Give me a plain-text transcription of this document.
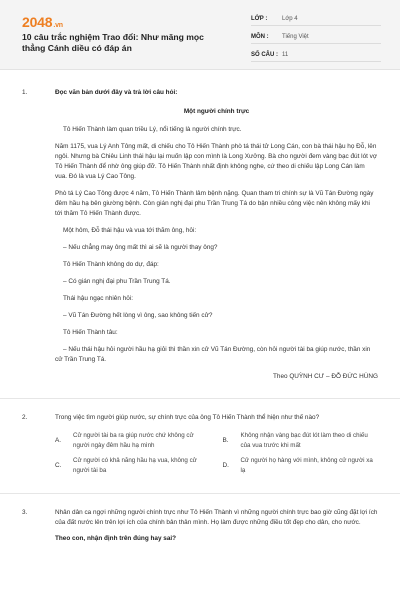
2048.vn
10 câu trắc nghiệm Trao đổi: Như măng mọc thẳng Cánh diều có đáp án
LỚP :	Lớp 4
MÔN :	Tiếng Việt
SỐ CÂU : 11
1.	Đọc văn bản dưới đây và trả lời câu hỏi:
Một người chính trực
Tô Hiến Thành làm quan triều Lý, nổi tiếng là người chính trực.
Năm 1175, vua Lý Anh Tông mất, di chiếu cho Tô Hiến Thành phò tá thái tử Long Cán, con bà thái hậu họ Đỗ, lên ngôi. Nhưng bà Chiêu Linh thái hậu lại muốn lập con mình là Long Xưởng. Bà cho người đem vàng bạc đút lót vợ Tô Hiến Thành để nhờ ông giúp đỡ. Tô Hiến Thành nhất định không nghe, cứ theo di chiếu lập Long Cán làm vua. Đó là vua Lý Cao Tông.
Phò tá Lý Cao Tông được 4 năm, Tô Hiến Thành lâm bệnh nặng. Quan tham tri chính sự là Vũ Tán Đường ngày đêm hầu hạ bên giường bệnh. Còn gián nghị đại phu Trần Trung Tá do bận nhiều công việc nên không mấy khi tới thăm Tô Hiến Thành được.
Một hôm, Đỗ thái hậu và vua tới thăm ông, hỏi:
– Nếu chẳng may ông mất thì ai sẽ là người thay ông?
Tô Hiến Thành không do dự, đáp:
– Có gián nghị đại phu Trần Trung Tá.
Thái hậu ngạc nhiên hỏi:
– Vũ Tán Đường hết lòng vì ông, sao không tiến cử?
Tô Hiến Thành tâu:
– Nếu thái hậu hỏi người hầu hạ giỏi thì thần xin cử Vũ Tán Đường, còn hỏi người tài ba giúp nước, thần xin cử Trần Trung Tá.
Theo QUỲNH CƯ – ĐỖ ĐỨC HÙNG
2.	Trong việc tìm người giúp nước, sự chính trực của ông Tô Hiến Thành thể hiện như thế nào?
A.
Cử người tài ba ra giúp nước chứ không cử người ngày đêm hầu hạ mình
B.
Không nhận vàng bạc đút lót làm theo di chiếu của vua trước khi mất
C.
Cử người có khả năng hầu hạ vua, không cử người tài ba
D.
Cử người họ hàng với mình, không cử người xa lạ
3.	Nhân dân ca ngợi những người chính trực như Tô Hiến Thành vì những người chính trực bao giờ cũng đặt lợi ích của đất nước lên trên lợi ích của chính bản thân mình. Họ làm được những điều tốt đẹp cho dân, cho nước.
Theo con, nhận định trên đúng hay sai?
